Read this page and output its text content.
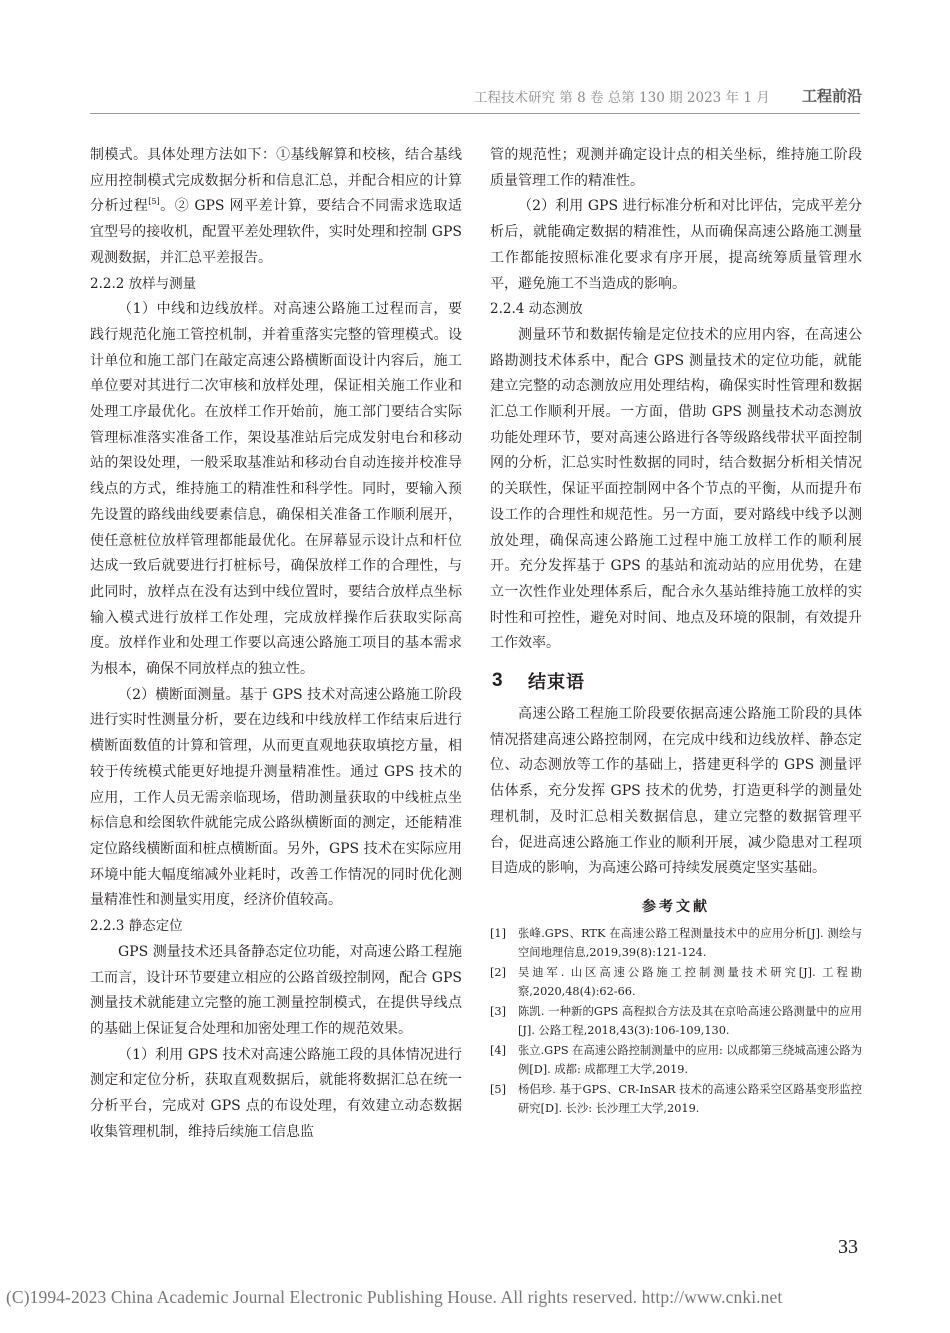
工程技术研究 第 8 卷 总第 130 期 2023 年 1 月 工程前沿

制模式。具体处理方法如下：①基线解算和校核，结合基线应用控制模式完成数据分析和信息汇总，并配合相应的计算分析过程[5]。② GPS 网平差计算，要结合不同需求选取适宜型号的接收机，配置平差处理软件，实时处理和控制 GPS 观测数据，并汇总平差报告。

2.2.2 放样与测量

（1）中线和边线放样。对高速公路施工过程而言，要践行规范化施工管控机制，并着重落实完整的管理模式。设计单位和施工部门在敲定高速公路横断面设计内容后，施工单位要对其进行二次审核和放样处理，保证相关施工作业和处理工序最优化。在放样工作开始前，施工部门要结合实际管理标准落实准备工作，架设基准站后完成发射电台和移动站的架设处理，一般采取基准站和移动台自动连接并校准导线点的方式，维持施工的精准性和科学性。同时，要输入预先设置的路线曲线要素信息，确保相关准备工作顺利展开，使任意桩位放样管理都能最优化。在屏幕显示设计点和杆位达成一致后就要进行打桩标号，确保放样工作的合理性，与此同时，放样点在没有达到中线位置时，要结合放样点坐标输入模式进行放样工作处理，完成放样操作后获取实际高度。放样作业和处理工作要以高速公路施工项目的基本需求为根本，确保不同放样点的独立性。

（2）横断面测量。基于 GPS 技术对高速公路施工阶段进行实时性测量分析，要在边线和中线放样工作结束后进行横断面数值的计算和管理，从而更直观地获取填挖方量，相较于传统模式能更好地提升测量精准性。通过 GPS 技术的应用，工作人员无需亲临现场，借助测量获取的中线桩点坐标信息和绘图软件就能完成公路纵横断面的测定，还能精准定位路线横断面和桩点横断面。另外，GPS 技术在实际应用环境中能大幅度缩减外业耗时，改善工作情况的同时优化测量精准性和测量实用度，经济价值较高。

2.2.3 静态定位

GPS 测量技术还具备静态定位功能，对高速公路工程施工而言，设计环节要建立相应的公路首级控制网，配合 GPS 测量技术就能建立完整的施工测量控制模式，在提供导线点的基础上保证复合处理和加密处理工作的规范效果。

（1）利用 GPS 技术对高速公路施工段的具体情况进行测定和定位分析，获取直观数据后，就能将数据汇总在统一分析平台，完成对 GPS 点的布设处理，有效建立动态数据收集管理机制，维持后续施工信息监

管的规范性；观测并确定设计点的相关坐标，维持施工阶段质量管理工作的精准性。

（2）利用 GPS 进行标准分析和对比评估，完成平差分析后，就能确定数据的精准性，从而确保高速公路施工测量工作都能按照标准化要求有序开展，提高统筹质量管理水平，避免施工不当造成的影响。

2.2.4 动态测放

测量环节和数据传输是定位技术的应用内容，在高速公路勘测技术体系中，配合 GPS 测量技术的定位功能，就能建立完整的动态测放应用处理结构，确保实时性管理和数据汇总工作顺利开展。一方面，借助 GPS 测量技术动态测放功能处理环节，要对高速公路进行各等级路线带状平面控制网的分析，汇总实时性数据的同时，结合数据分析相关情况的关联性，保证平面控制网中各个节点的平衡，从而提升布设工作的合理性和规范性。另一方面，要对路线中线予以测放处理，确保高速公路施工过程中施工放样工作的顺利展开。充分发挥基于 GPS 的基站和流动站的应用优势，在建立一次性作业处理体系后，配合永久基站维持施工放样的实时性和可控性，避免对时间、地点及环境的限制，有效提升工作效率。

3	结束语

高速公路工程施工阶段要依据高速公路施工阶段的具体情况搭建高速公路控制网，在完成中线和边线放样、静态定位、动态测放等工作的基础上，搭建更科学的 GPS 测量评估体系，充分发挥 GPS 技术的优势，打造更科学的测量处理机制，及时汇总相关数据信息，建立完整的数据管理平台，促进高速公路施工作业的顺利开展，减少隐患对工程项目造成的影响，为高速公路可持续发展奠定坚实基础。

参考文献
[1]	张峰.GPS、RTK 在高速公路工程测量技术中的应用分析[J]. 测绘与空间地理信息,2019,39(8):121-124.
[2]	吴迪军. 山区高速公路施工控制测量技术研究[J]. 工程勘察,2020,48(4):62-66.
[3]	陈凯. 一种新的GPS 高程拟合方法及其在京哈高速公路测量中的应用[J]. 公路工程,2018,43(3):106-109,130.
[4]	张立.GPS 在高速公路控制测量中的应用: 以成都第三绕城高速公路为例[D]. 成都: 成都理工大学,2019.
[5]	杨侣珍. 基于GPS、CR-InSAR 技术的高速公路采空区路基变形监控研究[D]. 长沙: 长沙理工大学,2019.
33
(C)1994-2023 China Academic Journal Electronic Publishing House. All rights reserved. http://www.cnki.net
